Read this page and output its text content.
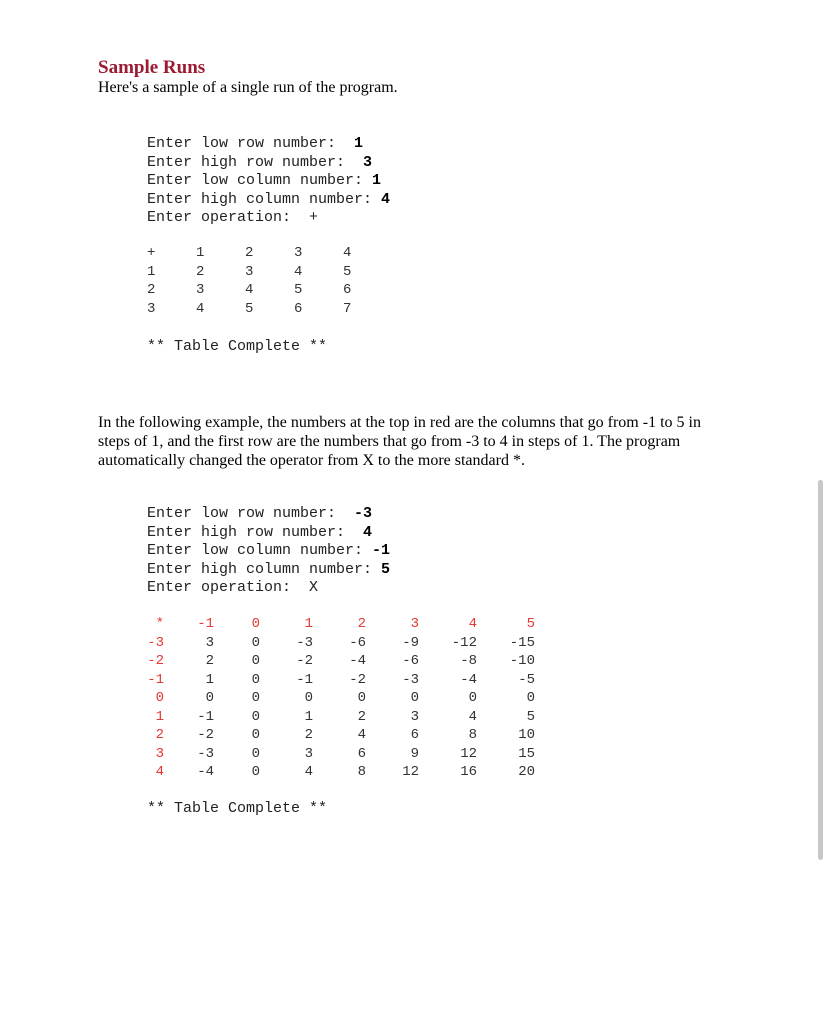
Sample Runs
Here's a sample of a single run of the program.
Enter low row number:  1
Enter high row number:  3
Enter low column number: 1
Enter high column number: 4
Enter operation:  +
+	1	2	3	4
1	2	3	4	5
2	3	4	5	6
3	4	5	6	7
** Table Complete **
In the following example, the numbers at the top in red are the columns that go from -1 to 5 in steps of 1, and the first row are the numbers that go from -3 to 4 in steps of 1. The program automatically changed the operator from X to the more standard *.
Enter low row number:  -3
Enter high row number:  4
Enter low column number: -1
Enter high column number: 5
Enter operation:  X
*	-1	0	1	2	3	4	5
-3	3	0	-3	-6	-9	-12	-15
-2	2	0	-2	-4	-6	-8	-10
-1	1	0	-1	-2	-3	-4	-5
0	0	0	0	0	0	0	0
1	-1	0	1	2	3	4	5
2	-2	0	2	4	6	8	10
3	-3	0	3	6	9	12	15
4	-4	0	4	8	12	16	20
** Table Complete **
